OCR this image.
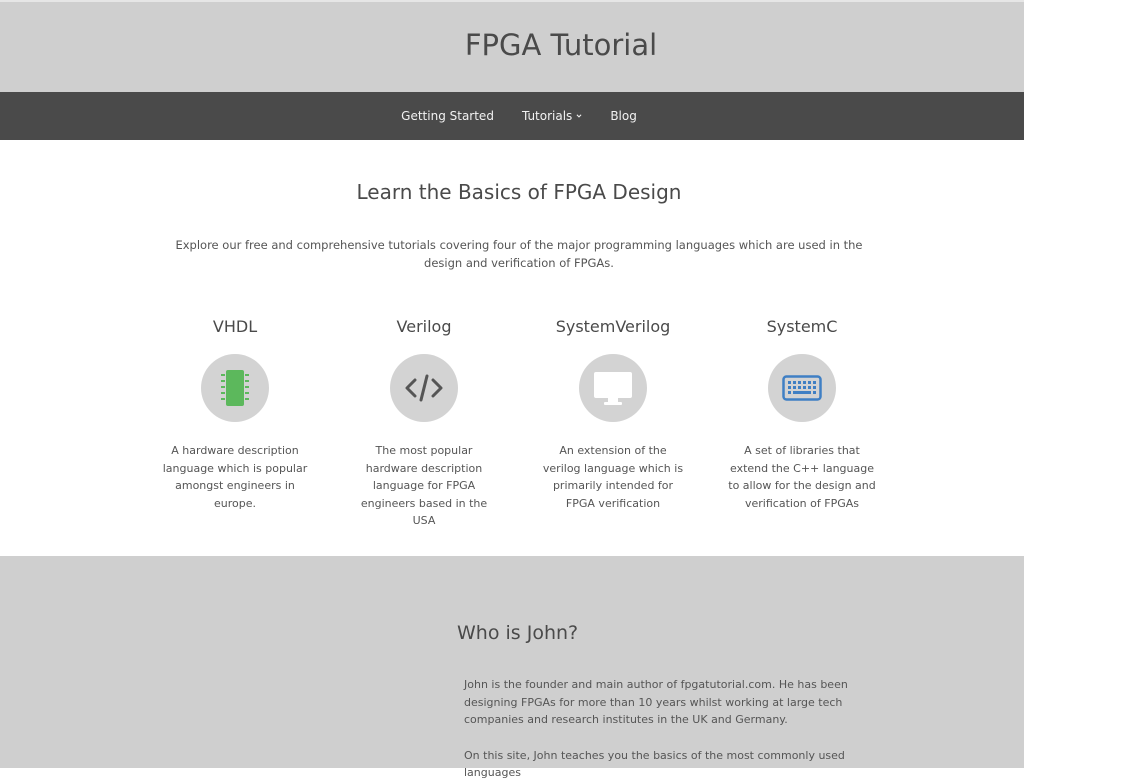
FPGA Tutorial
Getting Started Tutorials	Blog
Learn the Basics of FPGA Design

Explore our free and comprehensive tutorials covering four of the major programming languages which are used in the design and verification of FPGAs.

VHDL
A hardware description language which is popular amongst engineers in europe.
Verilog
The most popular hardware description language for FPGA engineers based in the USA
SystemVerilog
An extension of the verilog language which is primarily intended for FPGA verification
SystemC
A set of libraries that extend the C++ language to allow for the design and verification of FPGAs
Who is John?

John is the founder and main author of fpgatutorial.com. He has been designing FPGAs for more than 10 years whilst working at large tech companies and research institutes in the UK and Germany.

On this site, John teaches you the basics of the most commonly used languages
